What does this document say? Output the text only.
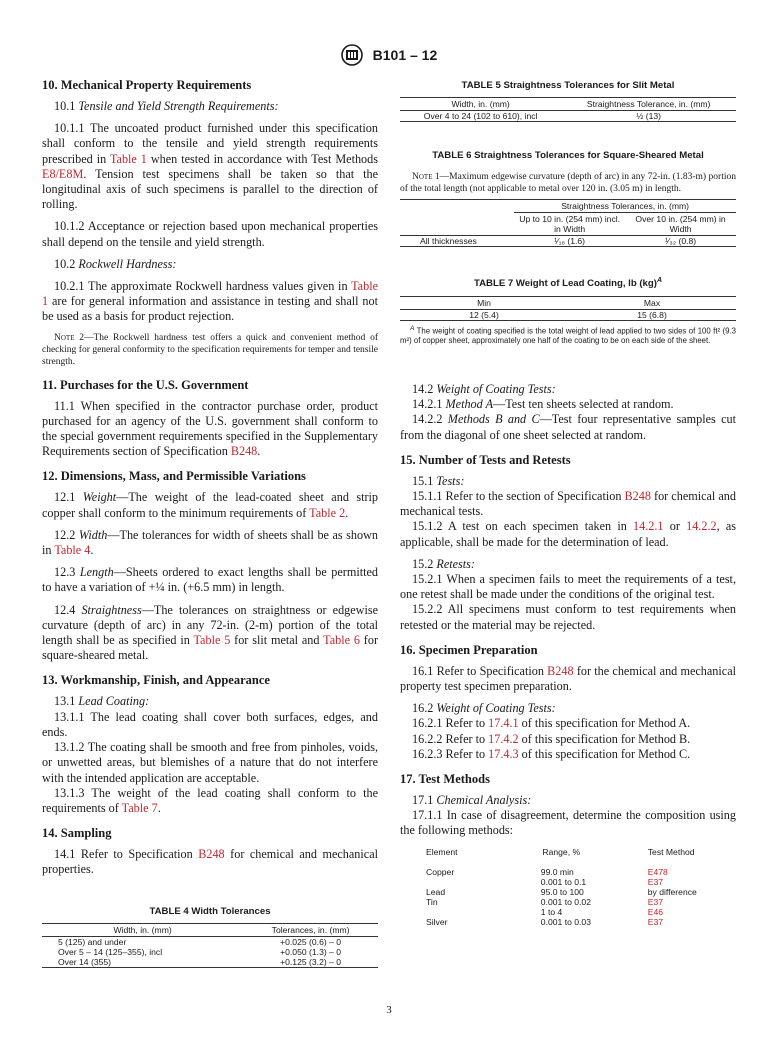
B101 – 12
10. Mechanical Property Requirements

10.1 Tensile and Yield Strength Requirements:

10.1.1 The uncoated product furnished under this specification shall conform to the tensile and yield strength requirements prescribed in Table 1 when tested in accordance with Test Methods E8/E8M. Tension test specimens shall be taken so that the longitudinal axis of such specimens is parallel to the direction of rolling.

10.1.2 Acceptance or rejection based upon mechanical properties shall depend on the tensile and yield strength.

10.2 Rockwell Hardness:

10.2.1 The approximate Rockwell hardness values given in Table 1 are for general information and assistance in testing and shall not be used as a basis for product rejection.

Note 2—The Rockwell hardness test offers a quick and convenient method of checking for general conformity to the specification requirements for temper and tensile strength.
11. Purchases for the U.S. Government

11.1 When specified in the contractor purchase order, product purchased for an agency of the U.S. government shall conform to the special government requirements specified in the Supplementary Requirements section of Specification B248.

12. Dimensions, Mass, and Permissible Variations

12.1 Weight—The weight of the lead-coated sheet and strip copper shall conform to the minimum requirements of Table 2.

12.2 Width—The tolerances for width of sheets shall be as shown in Table 4.

12.3 Length—Sheets ordered to exact lengths shall be permitted to have a variation of +¼ in. (+6.5 mm) in length.

12.4 Straightness—The tolerances on straightness or edgewise curvature (depth of arc) in any 72-in. (2-m) portion of the total length shall be as specified in Table 5 for slit metal and Table 6 for square-sheared metal.

13. Workmanship, Finish, and Appearance

13.1 Lead Coating:

13.1.1 The lead coating shall cover both surfaces, edges, and ends.

13.1.2 The coating shall be smooth and free from pinholes, voids, or unwetted areas, but blemishes of a nature that do not interfere with the intended application are acceptable.

13.1.3 The weight of the lead coating shall conform to the requirements of Table 7.

14. Sampling

14.1 Refer to Specification B248 for chemical and mechanical properties.

TABLE 4 Width Tolerances
Width, in. (mm)	Tolerances, in. (mm)
5 (125) and under	+0.025 (0.6) – 0
Over 5 – 14 (125–355), incl	+0.050 (1.3) – 0
Over 14 (355)	+0.125 (3.2) – 0
TABLE 5 Straightness Tolerances for Slit Metal
Width, in. (mm)	Straightness Tolerance, in. (mm)
Over 4 to 24 (102 to 610), incl	½ (13)
TABLE 6 Straightness Tolerances for Square-Sheared Metal
Note 1—Maximum edgewise curvature (depth of arc) in any 72-in. (1.83-m) portion of the total length (not applicable to metal over 120 in. (3.05 m) in length.
	Straightness Tolerances, in. (mm)	
	Up to 10 in. (254 mm) incl. in Width	Over 10 in. (254 mm) in Width
All thicknesses	¹⁄₁₆ (1.6)	¹⁄₃₂ (0.8)
TABLE 7 Weight of Lead Coating, lb (kg)$^A$
Min	Max
12 (5.4)	15 (6.8)
$^A$ The weight of coating specified is the total weight of lead applied to two sides of 100 ft² (9.3 m²) of copper sheet, approximately one half of the coating to be on each side of the sheet.

14.2 Weight of Coating Tests:

14.2.1 Method A—Test ten sheets selected at random.

14.2.2 Methods B and C—Test four representative samples cut from the diagonal of one sheet selected at random.

15. Number of Tests and Retests

15.1 Tests:

15.1.1 Refer to the section of Specification B248 for chemical and mechanical tests.

15.1.2 A test on each specimen taken in 14.2.1 or 14.2.2, as applicable, shall be made for the determination of lead.

15.2 Retests:

15.2.1 When a specimen fails to meet the requirements of a test, one retest shall be made under the conditions of the original test.

15.2.2 All specimens must conform to test requirements when retested or the material may be rejected.

16. Specimen Preparation

16.1 Refer to Specification B248 for the chemical and mechanical property test specimen preparation.

16.2 Weight of Coating Tests:

16.2.1 Refer to 17.4.1 of this specification for Method A.

16.2.2 Refer to 17.4.2 of this specification for Method B.

16.2.3 Refer to 17.4.3 of this specification for Method C.

17. Test Methods

17.1 Chemical Analysis:

17.1.1 In case of disagreement, determine the composition using the following methods:

Element	Range, %	Test Method
Copper	99.0 min	E478
	0.001 to 0.1	E37
Lead	95.0 to 100	by difference
Tin	0.001 to 0.02	E37
	1 to 4	E46
Silver	0.001 to 0.03	E37
3
